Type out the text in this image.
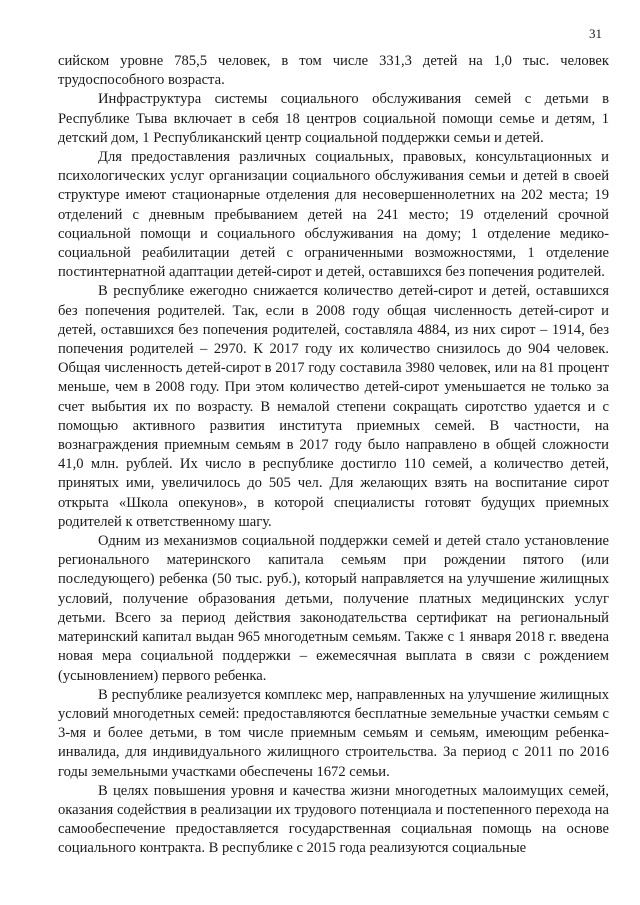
31

сийском уровне 785,5 человек, в том числе 331,3 детей на 1,0 тыс. человек трудоспособного возраста.

Инфраструктура системы социального обслуживания семей с детьми в Республике Тыва включает в себя 18 центров социальной помощи семье и детям, 1 детский дом, 1 Республиканский центр социальной поддержки семьи и детей.

Для предоставления различных социальных, правовых, консультационных и психологических услуг организации социального обслуживания семьи и детей в своей структуре имеют стационарные отделения для несовершеннолетних на 202 места; 19 отделений с дневным пребыванием детей на 241 место; 19 отделений срочной социальной помощи и социального обслуживания на дому; 1 отделение медико-социальной реабилитации детей с ограниченными возможностями, 1 отделение постинтернатной адаптации детей-сирот и детей, оставшихся без попечения родителей.

В республике ежегодно снижается количество детей-сирот и детей, оставшихся без попечения родителей. Так, если в 2008 году общая численность детей-сирот и детей, оставшихся без попечения родителей, составляла 4884, из них сирот – 1914, без попечения родителей – 2970. К 2017 году их количество снизилось до 904 человек. Общая численность детей-сирот в 2017 году составила 3980 человек, или на 81 процент меньше, чем в 2008 году. При этом количество детей-сирот уменьшается не только за счет выбытия их по возрасту. В немалой степени сокращать сиротство удается и с помощью активного развития института приемных семей. В частности, на вознаграждения приемным семьям в 2017 году было направлено в общей сложности 41,0 млн. рублей. Их число в республике достигло 110 семей, а количество детей, принятых ими, увеличилось до 505 чел. Для желающих взять на воспитание сирот открыта «Школа опекунов», в которой специалисты готовят будущих приемных родителей к ответственному шагу.

Одним из механизмов социальной поддержки семей и детей стало установление регионального материнского капитала семьям при рождении пятого (или последующего) ребенка (50 тыс. руб.), который направляется на улучшение жилищных условий, получение образования детьми, получение платных медицинских услуг детьми. Всего за период действия законодательства сертификат на региональный материнский капитал выдан 965 многодетным семьям. Также с 1 января 2018 г. введена новая мера социальной поддержки – ежемесячная выплата в связи с рождением (усыновлением) первого ребенка.

В республике реализуется комплекс мер, направленных на улучшение жилищных условий многодетных семей: предоставляются бесплатные земельные участки семьям с 3-мя и более детьми, в том числе приемным семьям и семьям, имеющим ребенка-инвалида, для индивидуального жилищного строительства. За период с 2011 по 2016 годы земельными участками обеспечены 1672 семьи.

В целях повышения уровня и качества жизни многодетных малоимущих семей, оказания содействия в реализации их трудового потенциала и постепенного перехода на самообеспечение предоставляется государственная социальная помощь на основе социального контракта. В республике с 2015 года реализуются социальные
